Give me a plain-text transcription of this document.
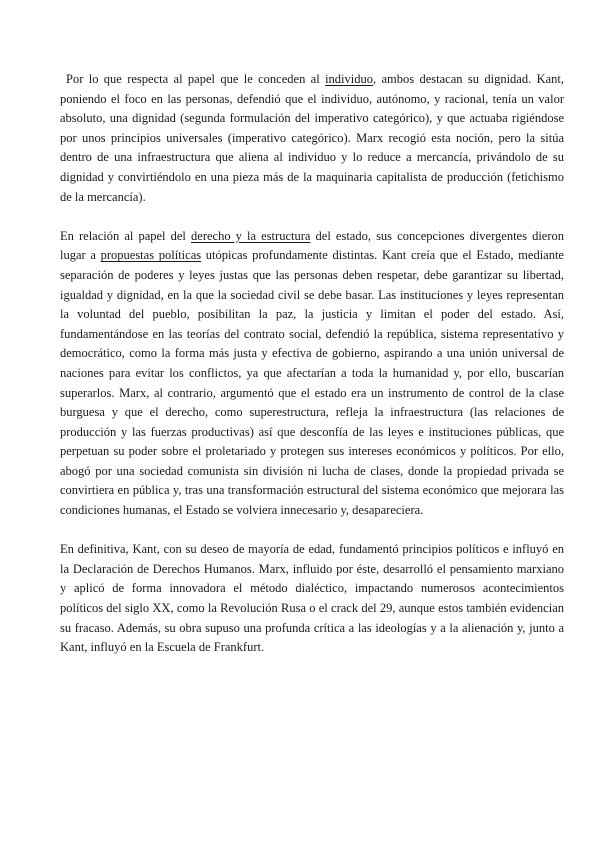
Por lo que respecta al papel que le conceden al individuo, ambos destacan su dignidad. Kant, poniendo el foco en las personas, defendió que el individuo, autónomo, y racional, tenía un valor absoluto, una dignidad (segunda formulación del imperativo categórico), y que actuaba rigiéndose por unos principios universales (imperativo categórico). Marx recogió esta noción, pero la sitúa dentro de una infraestructura que aliena al individuo y lo reduce a mercancía, privándolo de su dignidad y convirtiéndolo en una pieza más de la maquinaria capitalista de producción (fetichismo de la mercancía).

En relación al papel del derecho y la estructura del estado, sus concepciones divergentes dieron lugar a propuestas políticas utópicas profundamente distintas. Kant creía que el Estado, mediante separación de poderes y leyes justas que las personas deben respetar, debe garantizar su libertad, igualdad y dignidad, en la que la sociedad civil se debe basar. Las instituciones y leyes representan la voluntad del pueblo, posibilitan la paz, la justicia y limitan el poder del estado. Así, fundamentándose en las teorías del contrato social, defendió la república, sistema representativo y democrático, como la forma más justa y efectiva de gobierno, aspirando a una unión universal de naciones para evitar los conflictos, ya que afectarían a toda la humanidad y, por ello, buscarían superarlos. Marx, al contrario, argumentó que el estado era un instrumento de control de la clase burguesa y que el derecho, como superestructura, refleja la infraestructura (las relaciones de producción y las fuerzas productivas) así que desconfía de las leyes e instituciones públicas, que perpetuan su poder sobre el proletariado y protegen sus intereses económicos y políticos. Por ello, abogó por una sociedad comunista sin división ni lucha de clases, donde la propiedad privada se convirtiera en pública y, tras una transformación estructural del sistema económico que mejorara las condiciones humanas, el Estado se volviera innecesario y, desapareciera.

En definitiva, Kant, con su deseo de mayoría de edad, fundamentó principios políticos e influyó en la Declaración de Derechos Humanos. Marx, influido por éste, desarrolló el pensamiento marxiano y aplicó de forma innovadora el método dialéctico, impactando numerosos acontecimientos políticos del siglo XX, como la Revolución Rusa o el crack del 29, aunque estos también evidencian su fracaso. Además, su obra supuso una profunda crítica a las ideologías y a la alienación y, junto a Kant, influyó en la Escuela de Frankfurt.
